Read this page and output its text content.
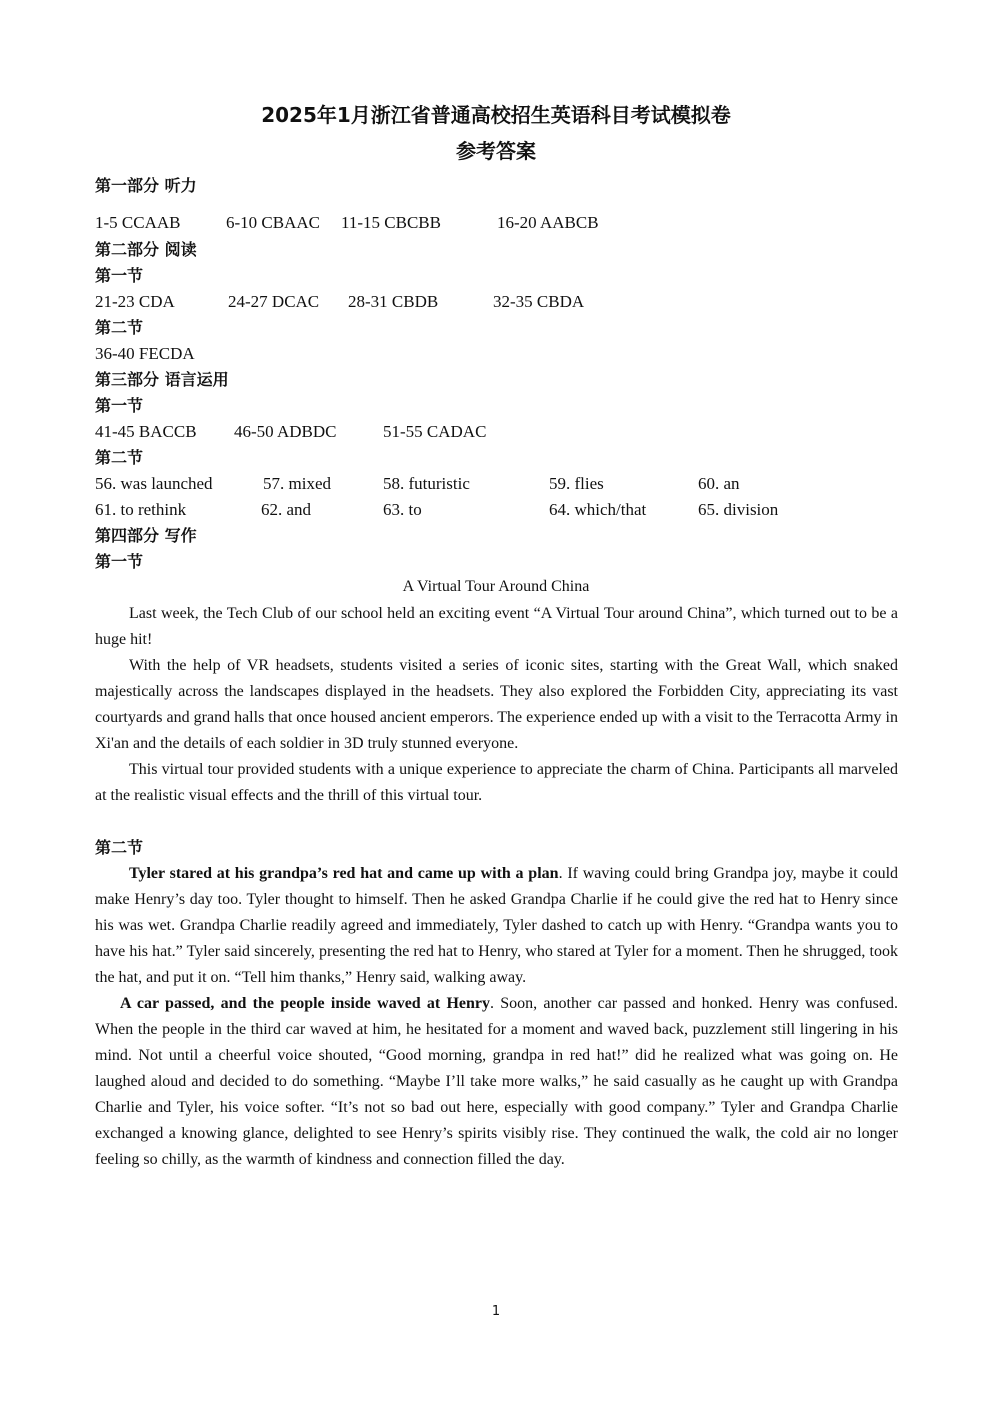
2025年1月浙江省普通高校招生英语科目考试模拟卷
参考答案
第一部分 听力
1-5 CCAAB	6-10 CBAAC 11-15 CBCBB	16-20 AABCB
第二部分 阅读
第一节
21-23 CDA	24-27 DCAC 28-31 CBDB	32-35 CBDA
第二节
36-40 FECDA
第三部分 语言运用
第一节
41-45 BACCB 46-50 ADBDC	51-55 CADAC
第二节
56. was launched	57. mixed	58. futuristic	59. flies	60. an
61. to rethink	62. and	63. to	64. which/that	65. division
第四部分 写作
第一节
A Virtual Tour Around China
Last week, the Tech Club of our school held an exciting event “A Virtual Tour around China”, which turned out to be a huge hit!
With the help of VR headsets, students visited a series of iconic sites, starting with the Great Wall, which snaked majestically across the landscapes displayed in the headsets. They also explored the Forbidden City, appreciating its vast courtyards and grand halls that once housed ancient emperors. The experience ended up with a visit to the Terracotta Army in Xi'an and the details of each soldier in 3D truly stunned everyone.
This virtual tour provided students with a unique experience to appreciate the charm of China. Participants all marveled at the realistic visual effects and the thrill of this virtual tour.
第二节
Tyler stared at his grandpa’s red hat and came up with a plan. If waving could bring Grandpa joy, maybe it could make Henry’s day too. Tyler thought to himself. Then he asked Grandpa Charlie if he could give the red hat to Henry since his was wet. Grandpa Charlie readily agreed and immediately, Tyler dashed to catch up with Henry. “Grandpa wants you to have his hat.” Tyler said sincerely, presenting the red hat to Henry, who stared at Tyler for a moment. Then he shrugged, took the hat, and put it on. “Tell him thanks,” Henry said, walking away.
A car passed, and the people inside waved at Henry. Soon, another car passed and honked. Henry was confused. When the people in the third car waved at him, he hesitated for a moment and waved back, puzzlement still lingering in his mind. Not until a cheerful voice shouted, “Good morning, grandpa in red hat!” did he realized what was going on. He laughed aloud and decided to do something. “Maybe I’ll take more walks,” he said casually as he caught up with Grandpa Charlie and Tyler, his voice softer. “It’s not so bad out here, especially with good company.” Tyler and Grandpa Charlie exchanged a knowing glance, delighted to see Henry’s spirits visibly rise. They continued the walk, the cold air no longer feeling so chilly, as the warmth of kindness and connection filled the day.
1
